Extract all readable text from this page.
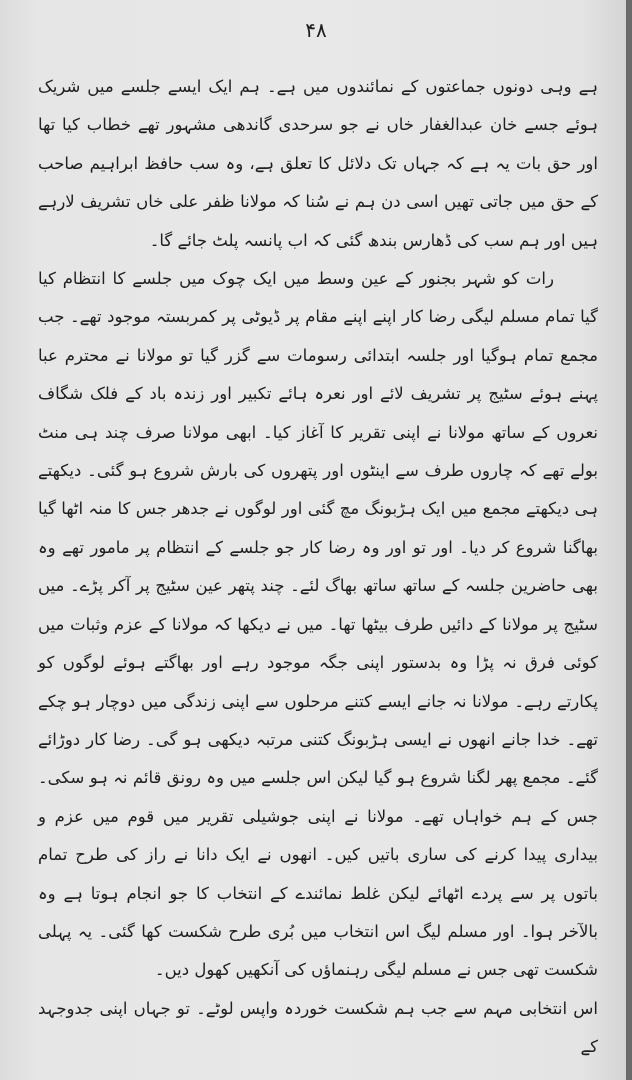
۴۸

ہے وہی دونوں جماعتوں کے نمائندوں میں ہے۔ ہم ایک ایسے جلسے میں شریک ہوئے جسے خان عبدالغفار خاں نے جو سرحدی گاندھی مشہور تھے خطاب کیا تھا اور حق بات یہ ہے کہ جہاں تک دلائل کا تعلق ہے، وہ سب حافظ ابراہیم صاحب کے حق میں جاتی تھیں اسی دن ہم نے سُنا کہ مولانا ظفر علی خاں تشریف لارہے ہیں اور ہم سب کی ڈھارس بندھ گئی کہ اب پانسہ پلٹ جائے گا۔

رات کو شہر بجنور کے عین وسط میں ایک چوک میں جلسے کا انتظام کیا گیا تمام مسلم لیگی رضا کار اپنے اپنے مقام پر ڈیوٹی پر کمربستہ موجود تھے۔ جب مجمع تمام ہوگیا اور جلسہ ابتدائی رسومات سے گزر گیا تو مولانا نے محترم عبا پہنے ہوئے سٹیج پر تشریف لائے اور نعرہ ہائے تکبیر اور زندہ باد کے فلک شگاف نعروں کے ساتھ مولانا نے اپنی تقریر کا آغاز کیا۔ ابھی مولانا صرف چند ہی منٹ بولے تھے کہ چاروں طرف سے اینٹوں اور پتھروں کی بارش شروع ہو گئی۔ دیکھتے ہی دیکھتے مجمع میں ایک ہڑبونگ مچ گئی اور لوگوں نے جدھر جس کا منہ اٹھا گیا بھاگنا شروع کر دیا۔ اور تو اور وہ رضا کار جو جلسے کے انتظام پر مامور تھے وہ بھی حاضرین جلسہ کے ساتھ ساتھ بھاگ لئے۔ چند پتھر عین سٹیج پر آکر پڑے۔ میں سٹیج پر مولانا کے دائیں طرف بیٹھا تھا۔ میں نے دیکھا کہ مولانا کے عزم وثبات میں کوئی فرق نہ پڑا وہ بدستور اپنی جگہ موجود رہے اور بھاگتے ہوئے لوگوں کو پکارتے رہے۔ مولانا نہ جانے ایسے کتنے مرحلوں سے اپنی زندگی میں دوچار ہو چکے تھے۔ خدا جانے انھوں نے ایسی ہڑبونگ کتنی مرتبہ دیکھی ہو گی۔ رضا کار دوڑائے گئے۔ مجمع پھر لگنا شروع ہو گیا لیکن اس جلسے میں وہ رونق قائم نہ ہو سکی۔ جس کے ہم خواہاں تھے۔ مولانا نے اپنی جوشیلی تقریر میں قوم میں عزم و بیداری پیدا کرنے کی ساری باتیں کیں۔ انھوں نے ایک دانا نے راز کی طرح تمام باتوں پر سے پردے اٹھائے لیکن غلط نمائندے کے انتخاب کا جو انجام ہوتا ہے وہ بالآخر ہوا۔ اور مسلم لیگ اس انتخاب میں بُری طرح شکست کھا گئی۔ یہ پہلی شکست تھی جس نے مسلم لیگی رہنماؤں کی آنکھیں کھول دیں۔

اس انتخابی مہم سے جب ہم شکست خوردہ واپس لوٹے۔ تو جہاں اپنی جدوجہد کے
